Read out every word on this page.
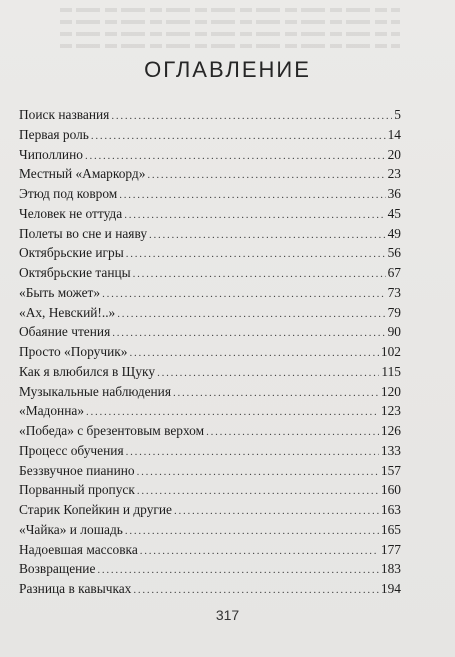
ОГЛАВЛЕНИЕ
Поиск названия . . .	5
Первая роль . . .	14
Чиполлино . . .	20
Местный «Амаркорд» . . .	23
Этюд под ковром . . .	36
Человек не оттуда . . .	45
Полеты во сне и наяву . . .	49
Октябрьские игры . . .	56
Октябрьские танцы . . .	67
«Быть может» . . .	73
«Ах, Невский!..» . . .	79
Обаяние чтения . . .	90
Просто «Поручик» . . .	102
Как я влюбился в Щуку . . .	115
Музыкальные наблюдения . . .	120
«Мадонна» . . .	123
«Победа» с брезентовым верхом . . .	126
Процесс обучения . . .	133
Беззвучное пианино . . .	157
Порванный пропуск . . .	160
Старик Копейкин и другие . . .	163
«Чайка» и лошадь . . .	165
Надоевшая массовка . . .	177
Возвращение . . .	183
Разница в кавычках . . .	194
317
